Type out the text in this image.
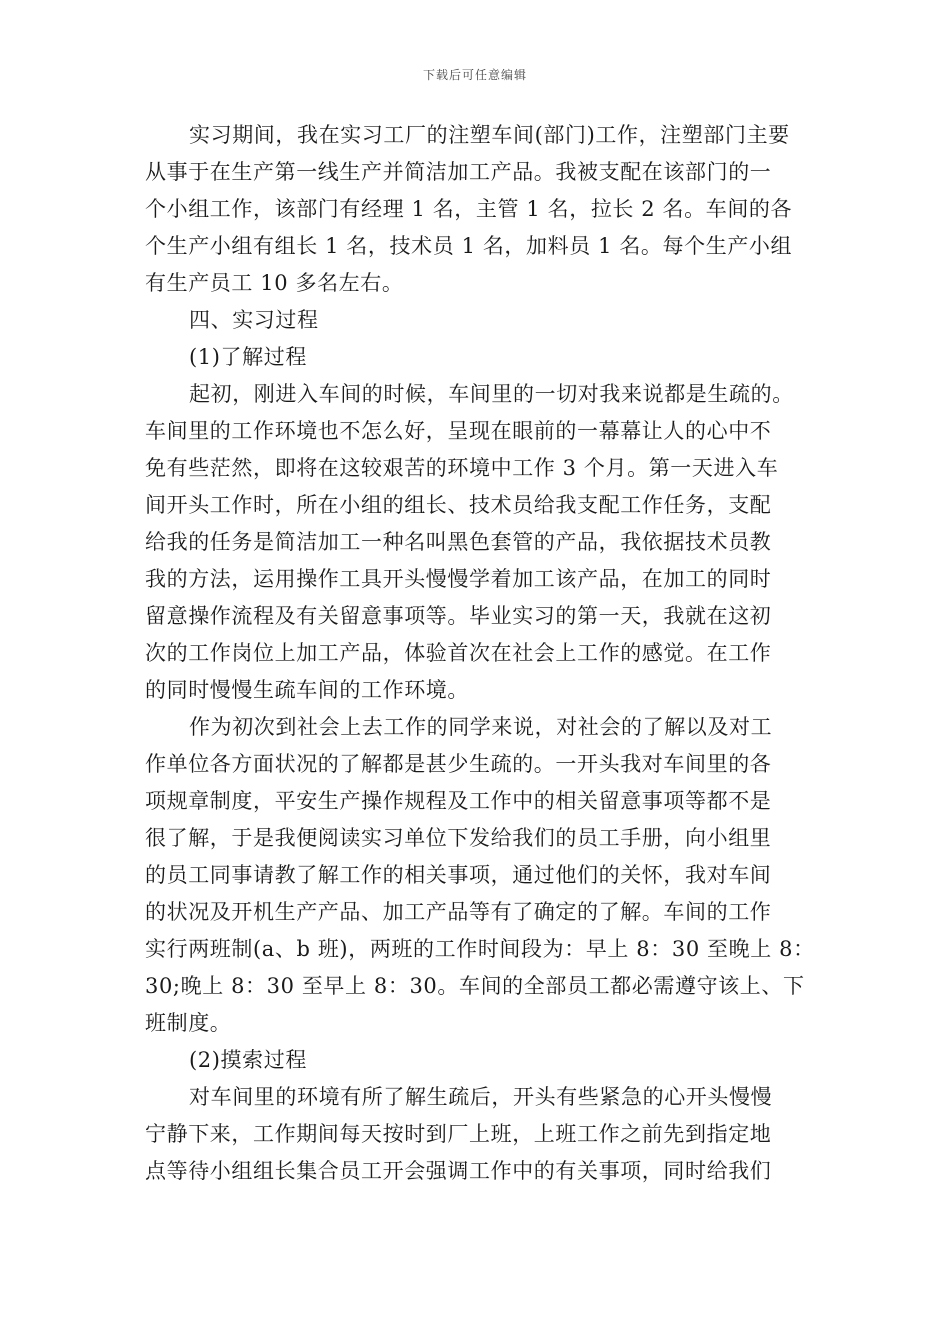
下载后可任意编辑
实习期间，我在实习工厂的注塑车间(部门)工作，注塑部门主要
从事于在生产第一线生产并简洁加工产品。我被支配在该部门的一
个小组工作，该部门有经理 1 名，主管 1 名，拉长 2 名。车间的各
个生产小组有组长 1 名，技术员 1 名，加料员 1 名。每个生产小组
有生产员工 10 多名左右。
四、实习过程
(1)了解过程
起初，刚进入车间的时候，车间里的一切对我来说都是生疏的。
车间里的工作环境也不怎么好，呈现在眼前的一幕幕让人的心中不
免有些茫然，即将在这较艰苦的环境中工作 3 个月。第一天进入车
间开头工作时，所在小组的组长、技术员给我支配工作任务，支配
给我的任务是简洁加工一种名叫黑色套管的产品，我依据技术员教
我的方法，运用操作工具开头慢慢学着加工该产品，在加工的同时
留意操作流程及有关留意事项等。毕业实习的第一天，我就在这初
次的工作岗位上加工产品，体验首次在社会上工作的感觉。在工作
的同时慢慢生疏车间的工作环境。
作为初次到社会上去工作的同学来说，对社会的了解以及对工
作单位各方面状况的了解都是甚少生疏的。一开头我对车间里的各
项规章制度，平安生产操作规程及工作中的相关留意事项等都不是
很了解，于是我便阅读实习单位下发给我们的员工手册，向小组里
的员工同事请教了解工作的相关事项，通过他们的关怀，我对车间
的状况及开机生产产品、加工产品等有了确定的了解。车间的工作
实行两班制(a、b 班)，两班的工作时间段为：早上 8：30 至晚上 8：
30;晚上 8：30 至早上 8：30。车间的全部员工都必需遵守该上、下
班制度。
(2)摸索过程
对车间里的环境有所了解生疏后，开头有些紧急的心开头慢慢
宁静下来，工作期间每天按时到厂上班，上班工作之前先到指定地
点等待小组组长集合员工开会强调工作中的有关事项，同时给我们
